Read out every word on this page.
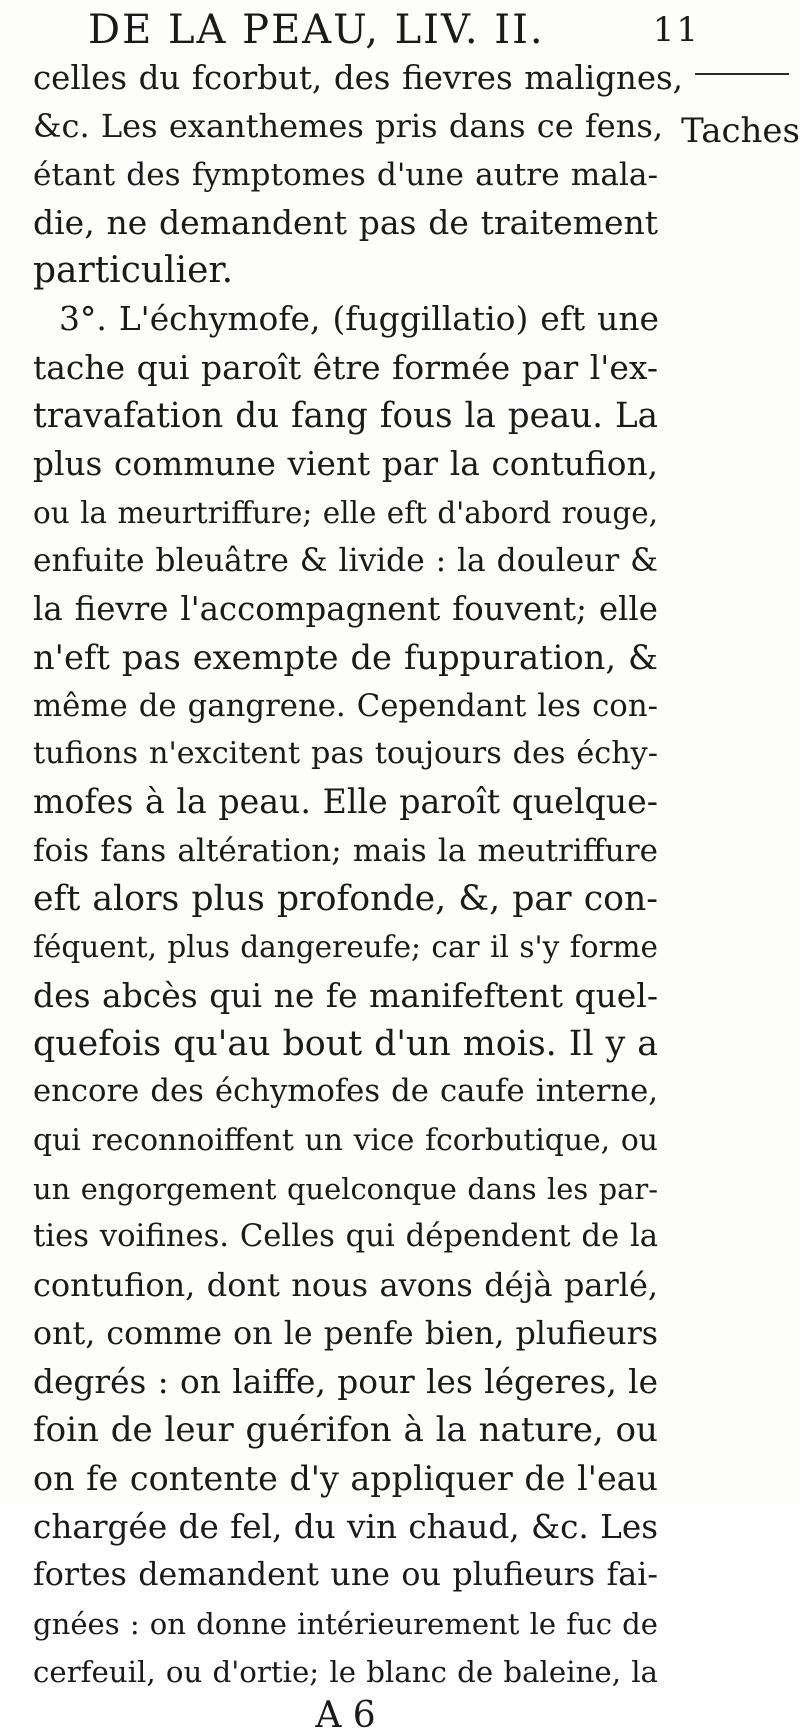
DE LA PEAU, LIV. II.	11

Taches
celles du fcorbut, des fievres malignes,
&c. Les exanthemes pris dans ce fens,
étant des fymptomes d'une autre mala-
die, ne demandent pas de traitement
particulier.
3°. L'échymofe, (fuggillatio) eft une
tache qui paroît être formée par l'ex-
travafation du fang fous la peau. La
plus commune vient par la contufion,
ou la meurtriffure; elle eft d'abord rouge,
enfuite bleuâtre & livide : la douleur &
la fievre l'accompagnent fouvent; elle
n'eft pas exempte de fuppuration, &
même de gangrene. Cependant les con-
tufions n'excitent pas toujours des échy-
mofes à la peau. Elle paroît quelque-
fois fans altération; mais la meutriffure
eft alors plus profonde, &, par con-
féquent, plus dangereufe; car il s'y forme
des abcès qui ne fe manifeftent quel-
quefois qu'au bout d'un mois. Il y a
encore des échymofes de caufe interne,
qui reconnoiffent un vice fcorbutique, ou
un engorgement quelconque dans les par-
ties voifines. Celles qui dépendent de la
contufion, dont nous avons déjà parlé,
ont, comme on le penfe bien, plufieurs
degrés : on laiffe, pour les légeres, le
foin de leur guérifon à la nature, ou
on fe contente d'y appliquer de l'eau
chargée de fel, du vin chaud, &c. Les
fortes demandent une ou plufieurs fai-
gnées : on donne intérieurement le fuc de
cerfeuil, ou d'ortie; le blanc de baleine, la
A 6
